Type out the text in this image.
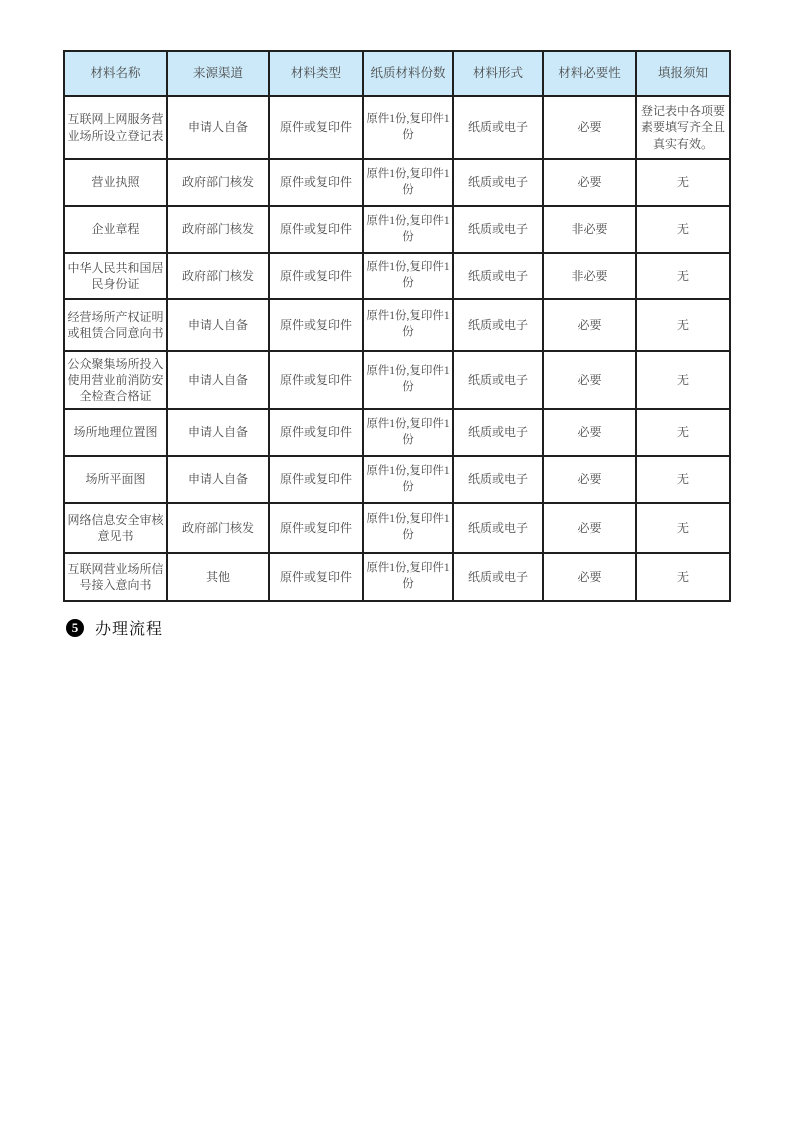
材料名称	来源渠道	材料类型	纸质材料份数	材料形式	材料必要性	填报须知
互联网上网服务营业场所设立登记表	申请人自备	原件或复印件	原件1份,复印件1份	纸质或电子	必要	登记表中各项要素要填写齐全且真实有效。
营业执照	政府部门核发	原件或复印件	原件1份,复印件1份	纸质或电子	必要	无
企业章程	政府部门核发	原件或复印件	原件1份,复印件1份	纸质或电子	非必要	无
中华人民共和国居民身份证	政府部门核发	原件或复印件	原件1份,复印件1份	纸质或电子	非必要	无
经营场所产权证明或租赁合同意向书	申请人自备	原件或复印件	原件1份,复印件1份	纸质或电子	必要	无
公众聚集场所投入使用营业前消防安全检查合格证	申请人自备	原件或复印件	原件1份,复印件1份	纸质或电子	必要	无
场所地理位置图	申请人自备	原件或复印件	原件1份,复印件1份	纸质或电子	必要	无
场所平面图	申请人自备	原件或复印件	原件1份,复印件1份	纸质或电子	必要	无
网络信息安全审核意见书	政府部门核发	原件或复印件	原件1份,复印件1份	纸质或电子	必要	无
互联网营业场所信号接入意向书	其他	原件或复印件	原件1份,复印件1份	纸质或电子	必要	无
5	办理流程
